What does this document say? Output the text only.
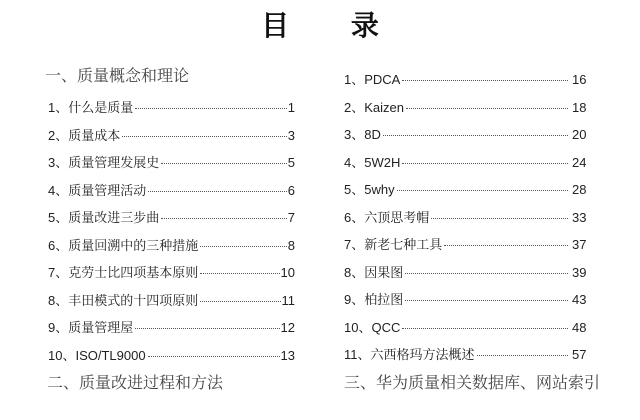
目 录
一、质量概念和理论
1、什么是质量	1
2、质量成本	3
3、质量管理发展史	5
4、质量管理活动	6
5、质量改进三步曲	7
6、质量回溯中的三种措施	8
7、克劳士比四项基本原则	10
8、丰田模式的十四项原则	11
9、质量管理屋	12
10、ISO/TL9000	13
二、质量改进过程和方法
1、PDCA	16
2、Kaizen	18
3、8D	20
4、5W2H	24
5、5why	28
6、六顶思考帽	33
7、新老七种工具	37
8、因果图	39
9、柏拉图	43
10、QCC	48
11、六西格玛方法概述	57
三、华为质量相关数据库、网站索引
